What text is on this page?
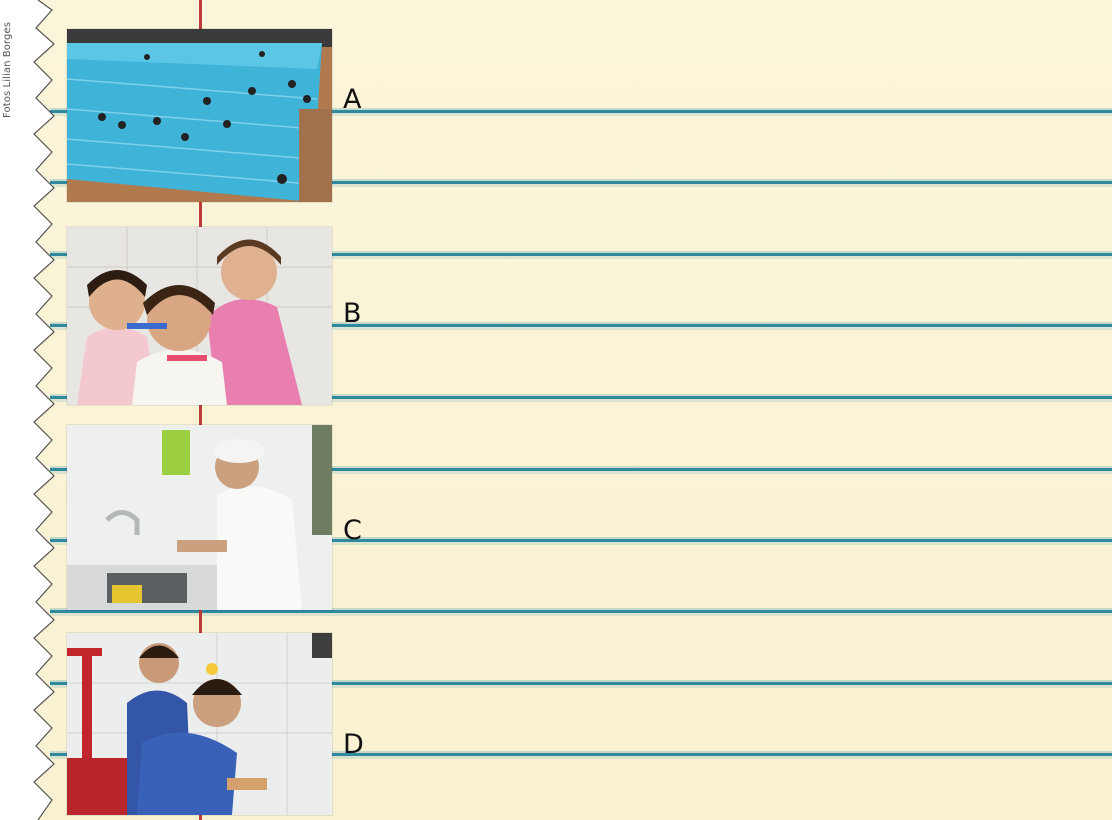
Fotos Lilian Borges	A
B
C
D
